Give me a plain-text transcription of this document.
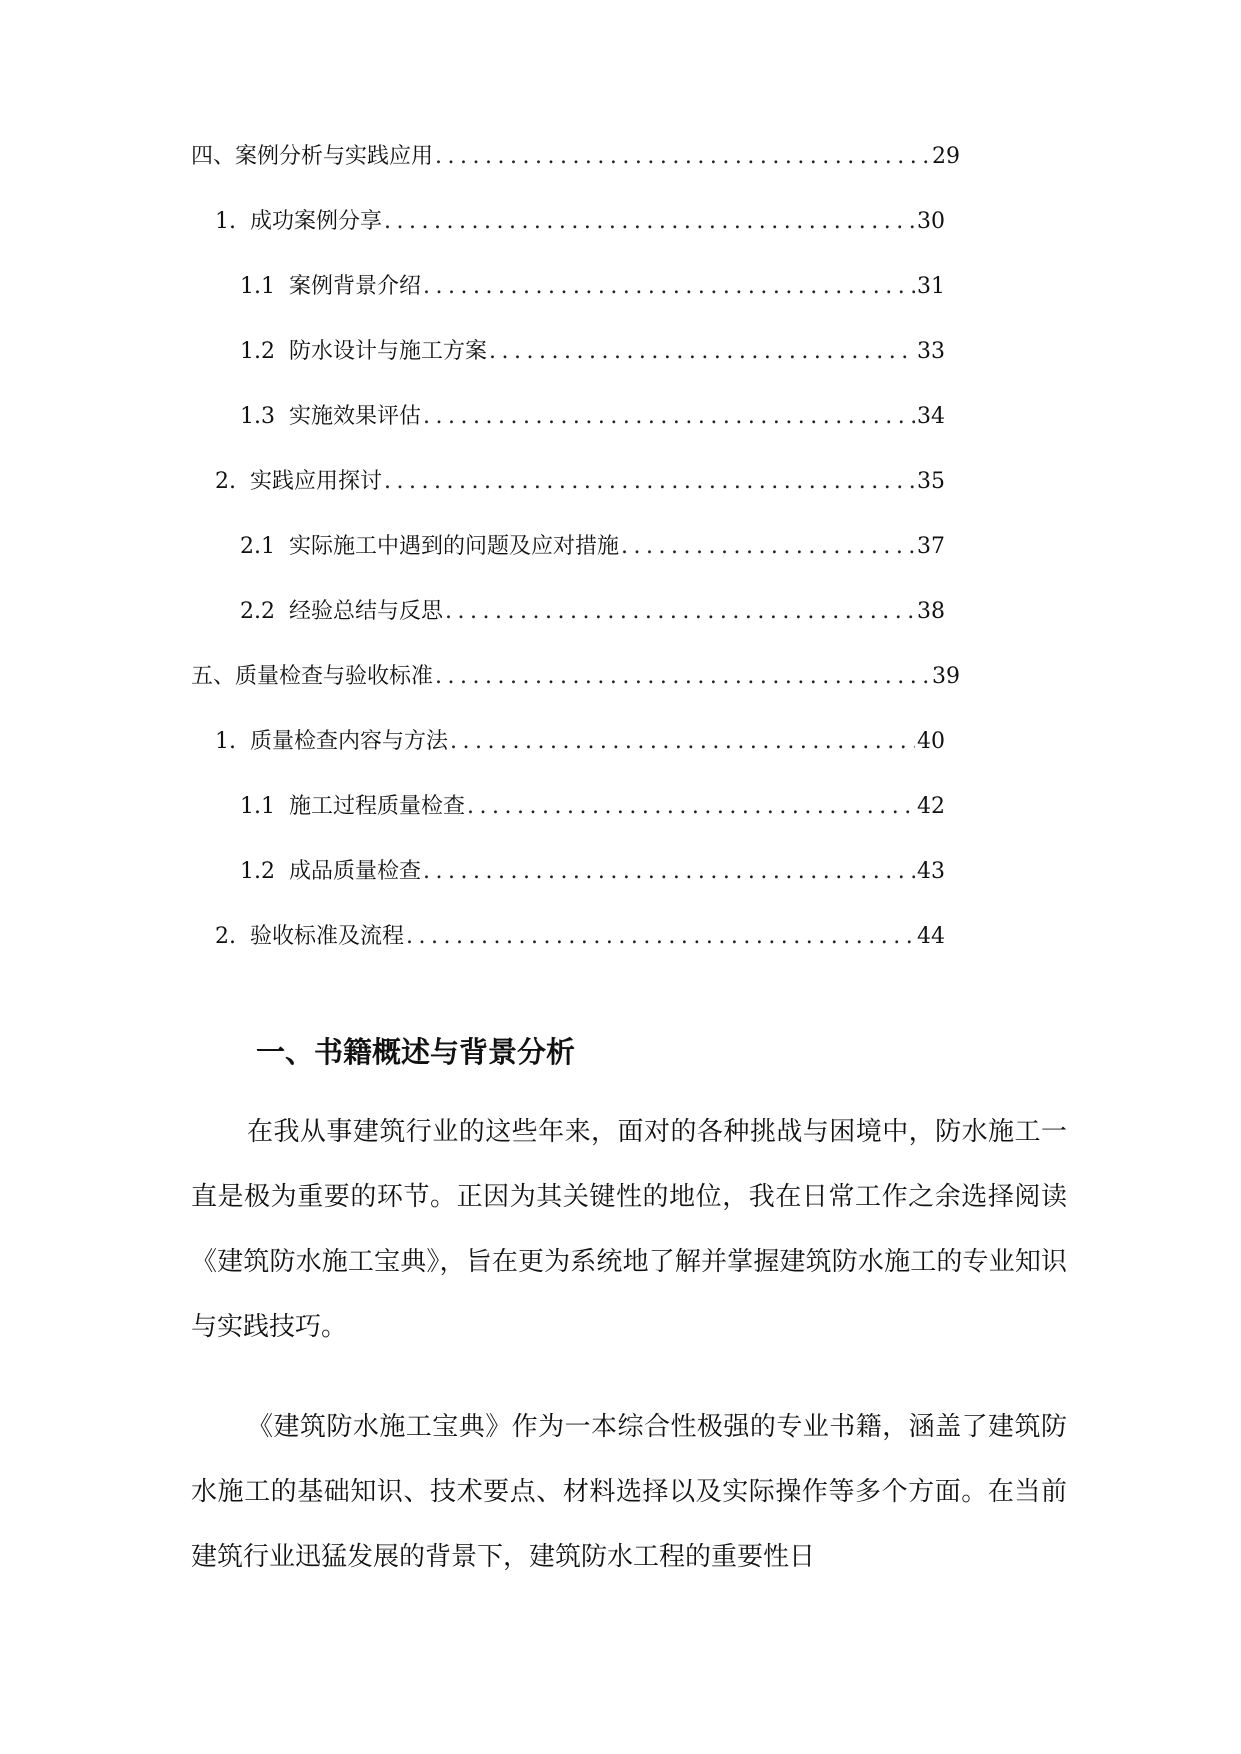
四、案例分析与实践应用 .....	29
1. 成功案例分享 .....	30
1.1 案例背景介绍 .....	31
1.2 防水设计与施工方案 .....	33
1.3 实施效果评估 .....	34
2. 实践应用探讨 .....	35
2.1 实际施工中遇到的问题及应对措施 .....	37
2.2 经验总结与反思 .....	38
五、质量检查与验收标准 .....	39
1. 质量检查内容与方法 .....	40
1.1 施工过程质量检查 .....	42
1.2 成品质量检查 .....	43
2. 验收标准及流程 .....	44
一、书籍概述与背景分析

在我从事建筑行业的这些年来，面对的各种挑战与困境中，防水施工一直是极为重要的环节。正因为其关键性的地位，我在日常工作之余选择阅读《建筑防水施工宝典》，旨在更为系统地了解并掌握建筑防水施工的专业知识与实践技巧。

《建筑防水施工宝典》作为一本综合性极强的专业书籍，涵盖了建筑防水施工的基础知识、技术要点、材料选择以及实际操作等多个方面。在当前建筑行业迅猛发展的背景下，建筑防水工程的重要性日
